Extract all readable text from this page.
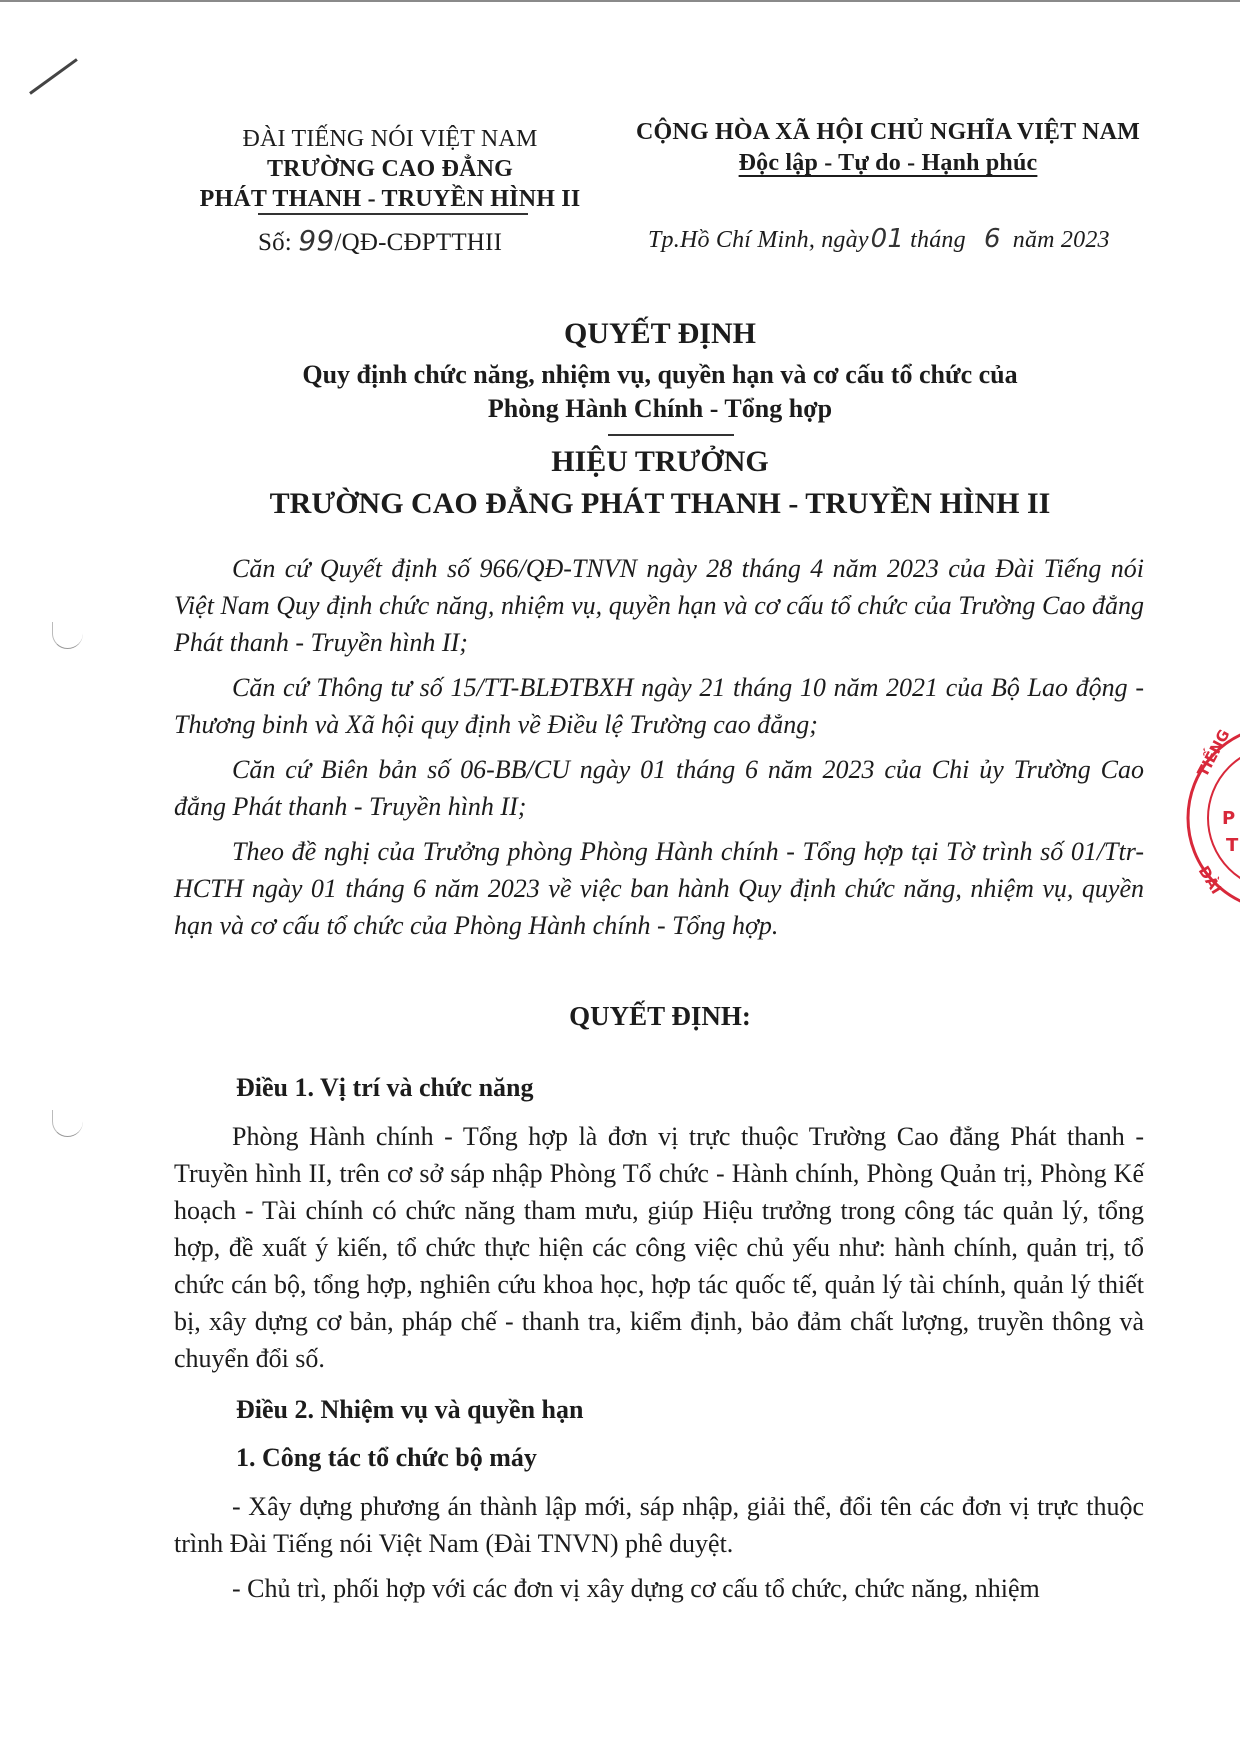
ĐÀI TIẾNG NÓI VIỆT NAM
TRƯỜNG CAO ĐẲNG
PHÁT THANH - TRUYỀN HÌNH II
Số: 99/QĐ-CĐPTTHII
CỘNG HÒA XÃ HỘI CHỦ NGHĨA VIỆT NAM
Độc lập - Tự do - Hạnh phúc
Tp.Hồ Chí Minh, ngày01 tháng 6 năm 2023
QUYẾT ĐỊNH
Quy định chức năng, nhiệm vụ, quyền hạn và cơ cấu tổ chức của
Phòng Hành Chính - Tổng hợp
HIỆU TRƯỞNG
TRƯỜNG CAO ĐẲNG PHÁT THANH - TRUYỀN HÌNH II

Căn cứ Quyết định số 966/QĐ-TNVN ngày 28 tháng 4 năm 2023 của Đài Tiếng nói Việt Nam Quy định chức năng, nhiệm vụ, quyền hạn và cơ cấu tổ chức của Trường Cao đẳng Phát thanh - Truyền hình II;

Căn cứ Thông tư số 15/TT-BLĐTBXH ngày 21 tháng 10 năm 2021 của Bộ Lao động - Thương binh và Xã hội quy định về Điều lệ Trường cao đẳng;

Căn cứ Biên bản số 06-BB/CU ngày 01 tháng 6 năm 2023 của Chi ủy Trường Cao đẳng Phát thanh - Truyền hình II;

Theo đề nghị của Trưởng phòng Phòng Hành chính - Tổng hợp tại Tờ trình số 01/Ttr-HCTH ngày 01 tháng 6 năm 2023 về việc ban hành Quy định chức năng, nhiệm vụ, quyền hạn và cơ cấu tổ chức của Phòng Hành chính - Tổng hợp.

QUYẾT ĐỊNH:
Điều 1. Vị trí và chức năng

Phòng Hành chính - Tổng hợp là đơn vị trực thuộc Trường Cao đẳng Phát thanh - Truyền hình II, trên cơ sở sáp nhập Phòng Tổ chức - Hành chính, Phòng Quản trị, Phòng Kế hoạch - Tài chính có chức năng tham mưu, giúp Hiệu trưởng trong công tác quản lý, tổng hợp, đề xuất ý kiến, tổ chức thực hiện các công việc chủ yếu như: hành chính, quản trị, tổ chức cán bộ, tổng hợp, nghiên cứu khoa học, hợp tác quốc tế, quản lý tài chính, quản lý thiết bị, xây dựng cơ bản, pháp chế - thanh tra, kiểm định, bảo đảm chất lượng, truyền thông và chuyển đổi số.

Điều 2. Nhiệm vụ và quyền hạn
1. Công tác tổ chức bộ máy

- Xây dựng phương án thành lập mới, sáp nhập, giải thể, đổi tên các đơn vị trực thuộc trình Đài Tiếng nói Việt Nam (Đài TNVN) phê duyệt.

- Chủ trì, phối hợp với các đơn vị xây dựng cơ cấu tổ chức, chức năng, nhiệm

TIẾNG
P
T
ĐÀI
